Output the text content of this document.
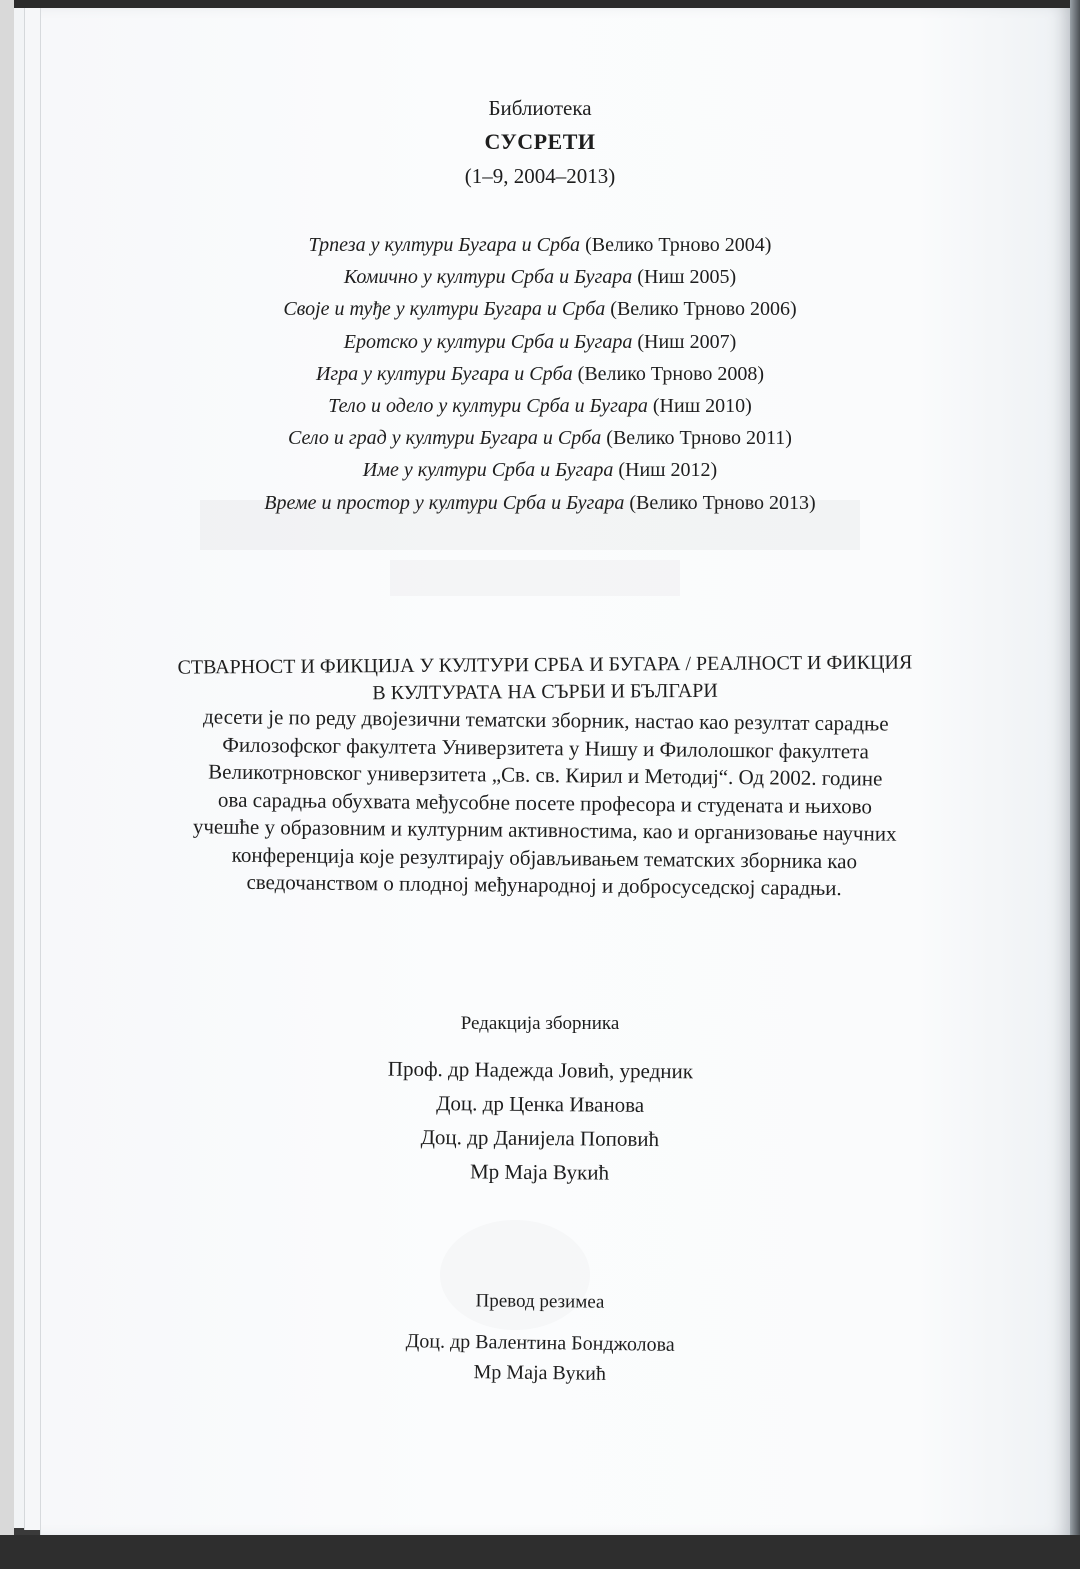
Библиотека
СУСРЕТИ
(1–9, 2004–2013)
Трпеза у култури Бугара и Срба (Велико Трново 2004)
Комично у култури Срба и Бугара (Ниш 2005)
Своје и туђе у култури Бугара и Срба (Велико Трново 2006)
Еротско у култури Срба и Бугара (Ниш 2007)
Игра у култури Бугара и Срба (Велико Трново 2008)
Тело и одело у култури Срба и Бугара (Ниш 2010)
Село и град у култури Бугара и Срба (Велико Трново 2011)
Име у култури Срба и Бугара (Ниш 2012)
Време и простор у култури Срба и Бугара (Велико Трново 2013)
СТВАРНОСТ И ФИКЦИЈА У КУЛТУРИ СРБА И БУГАРА / РЕАЛНОСТ И ФИКЦИЯ
В КУЛТУРАТА НА СЪРБИ И БЪЛГАРИ
десети је по реду двојезични тематски зборник, настао као резултат сарадње
Филозофског факултета Универзитета у Нишу и Филолошког факултета
Великотрновског универзитета „Св. св. Кирил и Методиј“. Од 2002. године
ова сарадња обухвата међусобне посете професора и студената и њихово
учешће у образовним и културним активностима, као и организовање научних
конференција које резултирају објављивањем тематских зборника као
сведочанством о плодној међународној и добросуседској сарадњи.
Редакција зборника
Проф. др Надежда Јовић, уредник
Доц. др Ценка Иванова
Доц. др Данијела Поповић
Мр Маја Вукић
Превод резимеа
Доц. др Валентина Бонджолова
Мр Маја Вукић
